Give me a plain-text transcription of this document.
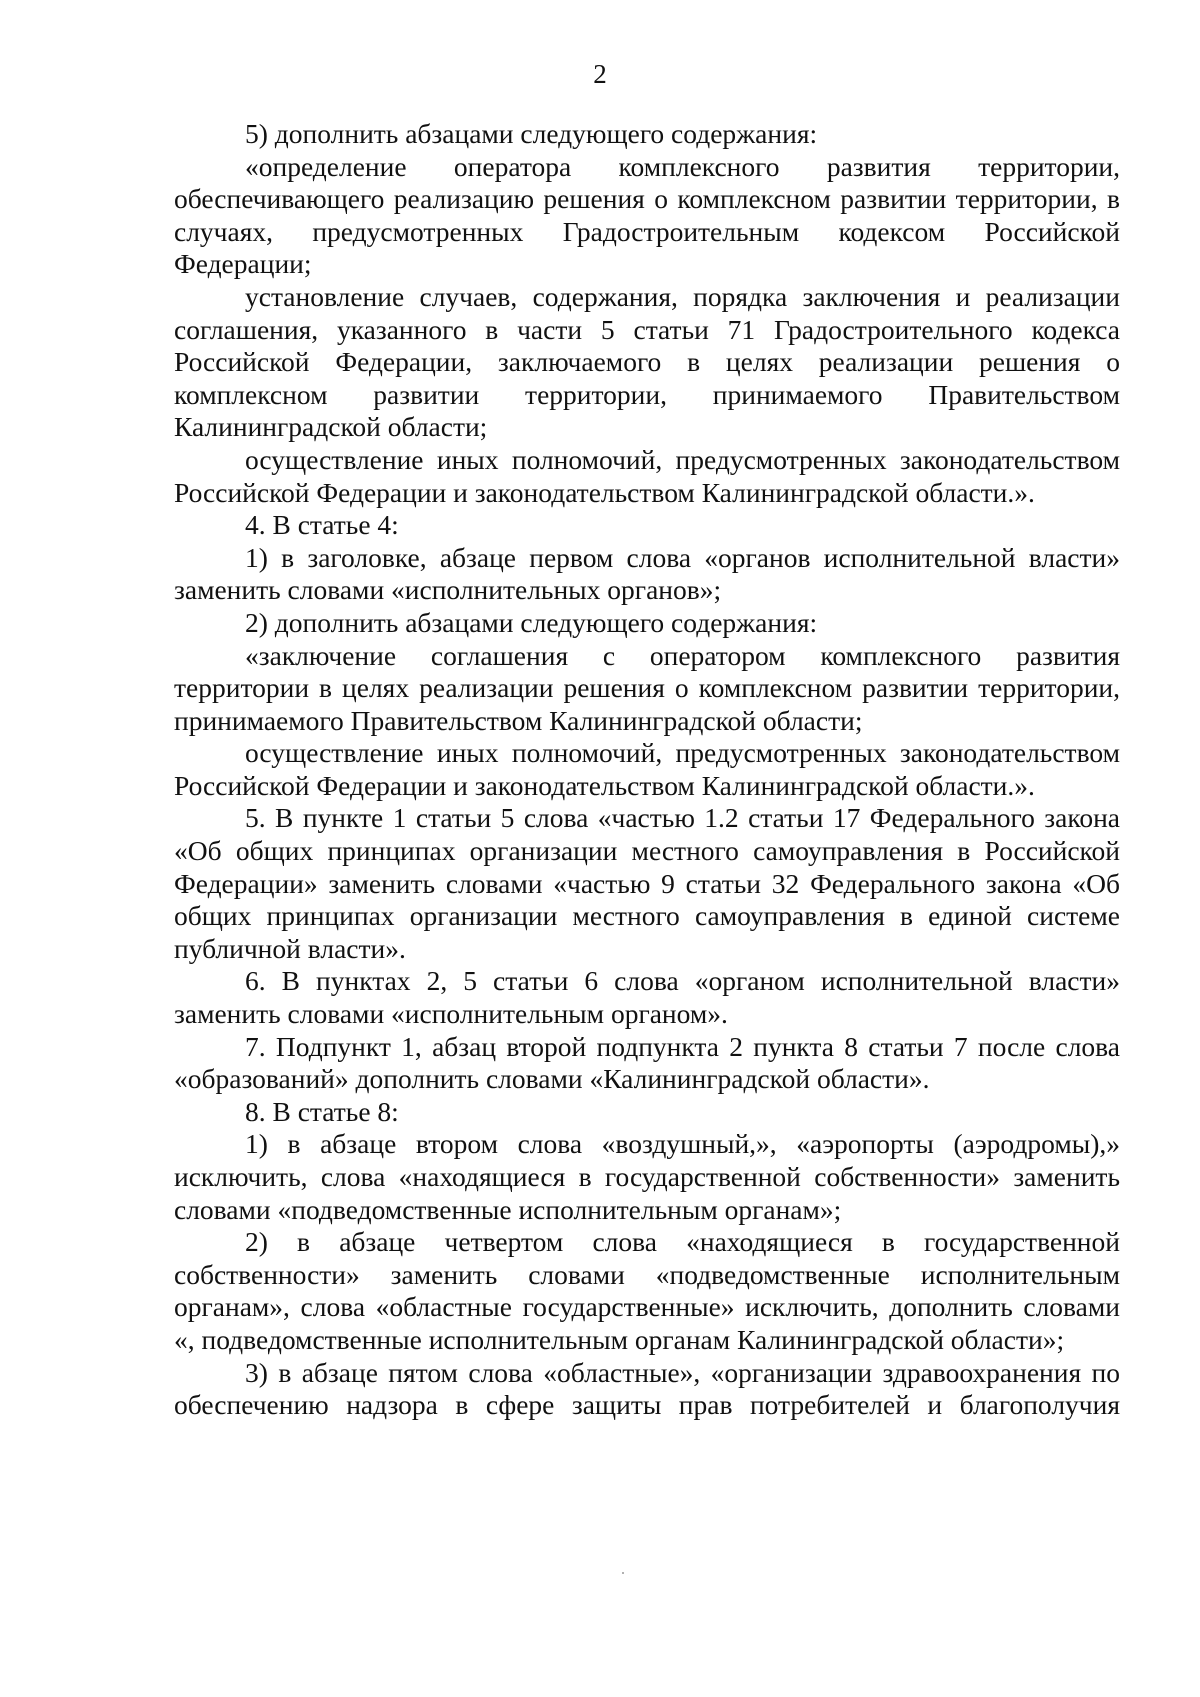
2

5) дополнить абзацами следующего содержания:

«определение оператора комплексного развития территории, обеспечивающего реализацию решения о комплексном развитии территории, в случаях, предусмотренных Градостроительным кодексом Российской Федерации;

установление случаев, содержания, порядка заключения и реализации соглашения, указанного в части 5 статьи 71 Градостроительного кодекса Российской Федерации, заключаемого в целях реализации решения о комплексном развитии территории, принимаемого Правительством Калининградской области;

осуществление иных полномочий, предусмотренных законодательством Российской Федерации и законодательством Калининградской области.».

4. В статье 4:

1) в заголовке, абзаце первом слова «органов исполнительной власти» заменить словами «исполнительных органов»;

2) дополнить абзацами следующего содержания:

«заключение соглашения с оператором комплексного развития территории в целях реализации решения о комплексном развитии территории, принимаемого Правительством Калининградской области;

осуществление иных полномочий, предусмотренных законодательством Российской Федерации и законодательством Калининградской области.».

5. В пункте 1 статьи 5 слова «частью 1.2 статьи 17 Федерального закона «Об общих принципах организации местного самоуправления в Российской Федерации» заменить словами «частью 9 статьи 32 Федерального закона «Об общих принципах организации местного самоуправления в единой системе публичной власти».

6. В пунктах 2, 5 статьи 6 слова «органом исполнительной власти» заменить словами «исполнительным органом».

7. Подпункт 1, абзац второй подпункта 2 пункта 8 статьи 7 после слова «образований» дополнить словами «Калининградской области».

8. В статье 8:

1) в абзаце втором слова «воздушный,», «аэропорты (аэродромы),» исключить, слова «находящиеся в государственной собственности» заменить словами «подведомственные исполнительным органам»;

2) в абзаце четвертом слова «находящиеся в государственной собственности» заменить словами «подведомственные исполнительным органам», слова «областные государственные» исключить, дополнить словами «, подведомственные исполнительным органам Калининградской области»;

3) в абзаце пятом слова «областные», «организации здравоохранения по обеспечению надзора в сфере защиты прав потребителей и благополучия
